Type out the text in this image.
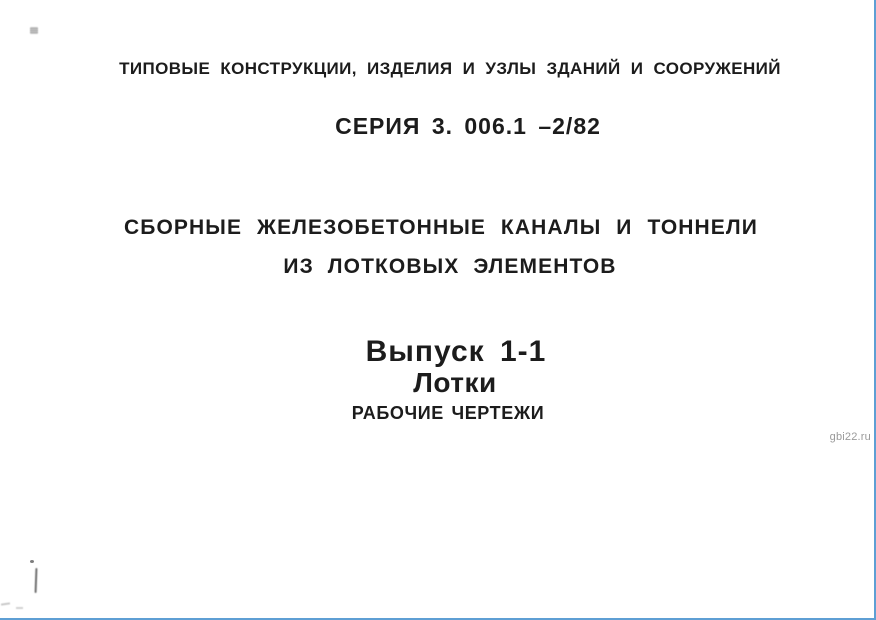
ТИПОВЫЕ КОНСТРУКЦИИ, ИЗДЕЛИЯ И УЗЛЫ ЗДАНИЙ И СООРУЖЕНИЙ
СЕРИЯ 3. 006.1 –2/82
СБОРНЫЕ ЖЕЛЕЗОБЕТОННЫЕ КАНАЛЫ И ТОННЕЛИ
ИЗ ЛОТКОВЫХ ЭЛЕМЕНТОВ
Выпуск 1-1
Лотки
РАБОЧИЕ ЧЕРТЕЖИ
gbi22.ru
